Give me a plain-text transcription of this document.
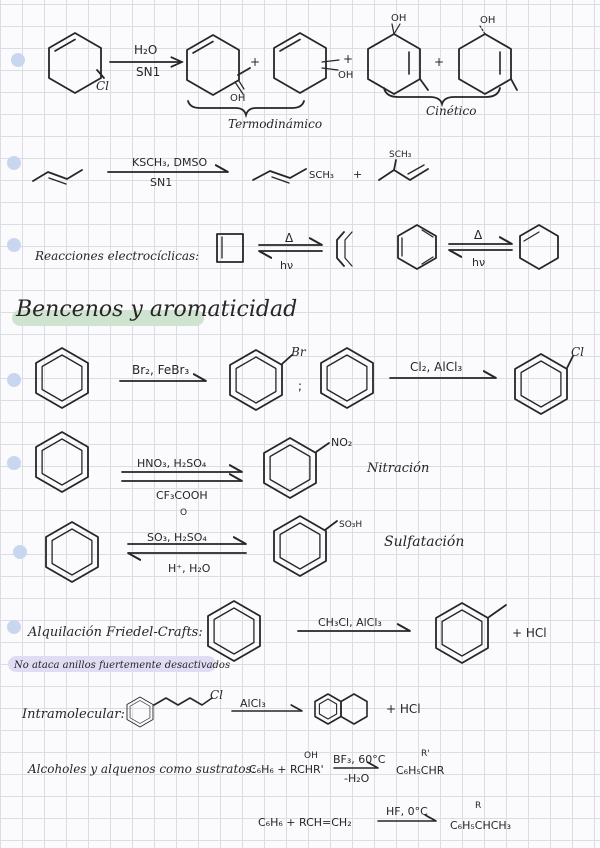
Cl
H₂O
SN1
OH
OH
OH	OH
+	+	+
Termodinámico
Cinético
KSCH₃, DMSO
SN1
SCH₃ +
SCH₃
Reacciones electrocíclicas:
Δ
hν
Δ
hν
Bencenos y aromaticidad
Br₂, FeBr₃
Br
;
Cl₂, AlCl₃
Cl
HNO₃, H₂SO₄
CF₃COOH
O
NO₂
Nitración
SO₃, H₂SO₄
H⁺, H₂O
SO₃H
Sulfatación
Alquilación Friedel-Crafts:
CH₃Cl, AlCl₃
+ HCl
No ataca anillos fuertemente desactivados
Intramolecular:
Cl
AlCl₃	+ HCl
Alcoholes y alquenos como sustratos:
C₆H₆ + RCHR'
OH BF₃, 60°C
-H₂O
C₆H₅CHR
R'
C₆H₆ + RCH=CH₂
HF, 0°C
C₆H₅CHCH₃
R
